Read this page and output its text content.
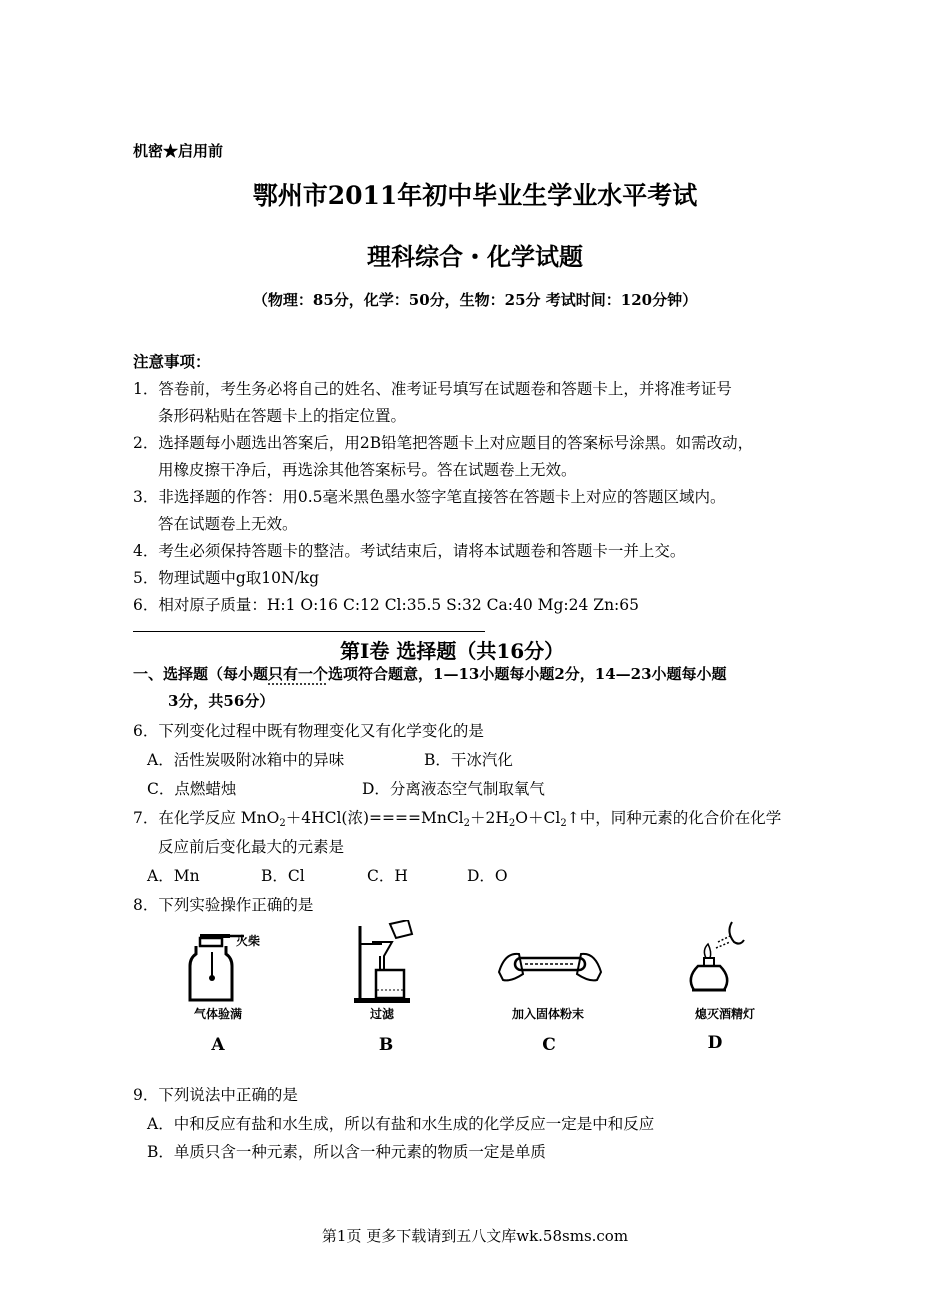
机密★启用前
鄂州市2011年初中毕业生学业水平考试
理科综合・化学试题
（物理：85分，化学：50分，生物：25分 考试时间：120分钟）
注意事项：
1．答卷前，考生务必将自己的姓名、准考证号填写在试题卷和答题卡上，并将准考证号
条形码粘贴在答题卡上的指定位置。
2．选择题每小题选出答案后，用2B铅笔把答题卡上对应题目的答案标号涂黑。如需改动，
用橡皮擦干净后，再选涂其他答案标号。答在试题卷上无效。
3．非选择题的作答：用0.5毫米黑色墨水签字笔直接答在答题卡上对应的答题区域内。
答在试题卷上无效。
4．考生必须保持答题卡的整洁。考试结束后，请将本试题卷和答题卡一并上交。
5．物理试题中g取10N/kg
6．相对原子质量：H:1 O:16 C:12 Cl:35.5 S:32 Ca:40 Mg:24 Zn:65
第Ⅰ卷 选择题（共16分）
一、选择题（每小题只有一个选项符合题意，1—13小题每小题2分，14—23小题每小题
3分，共56分）
6．下列变化过程中既有物理变化又有化学变化的是
A．活性炭吸附冰箱中的异味	B．干冰汽化
C．点燃蜡烛	D．分离液态空气制取氧气
7．在化学反应 MnO$_2$＋4HCl(浓)$====MnCl_2+2H_2O+Cl_2↑$中，同种元素的化合价在化学
反应前后变化最大的元素是
A．Mn	B．Cl	C．H	D．O
8．下列实验操作正确的是
火柴
气体验满
A
过滤
B
加入固体粉末
C
熄灭酒精灯
D
9．下列说法中正确的是
A．中和反应有盐和水生成，所以有盐和水生成的化学反应一定是中和反应
B．单质只含一种元素，所以含一种元素的物质一定是单质
第1页 更多下载请到五八文库wk.58sms.com
